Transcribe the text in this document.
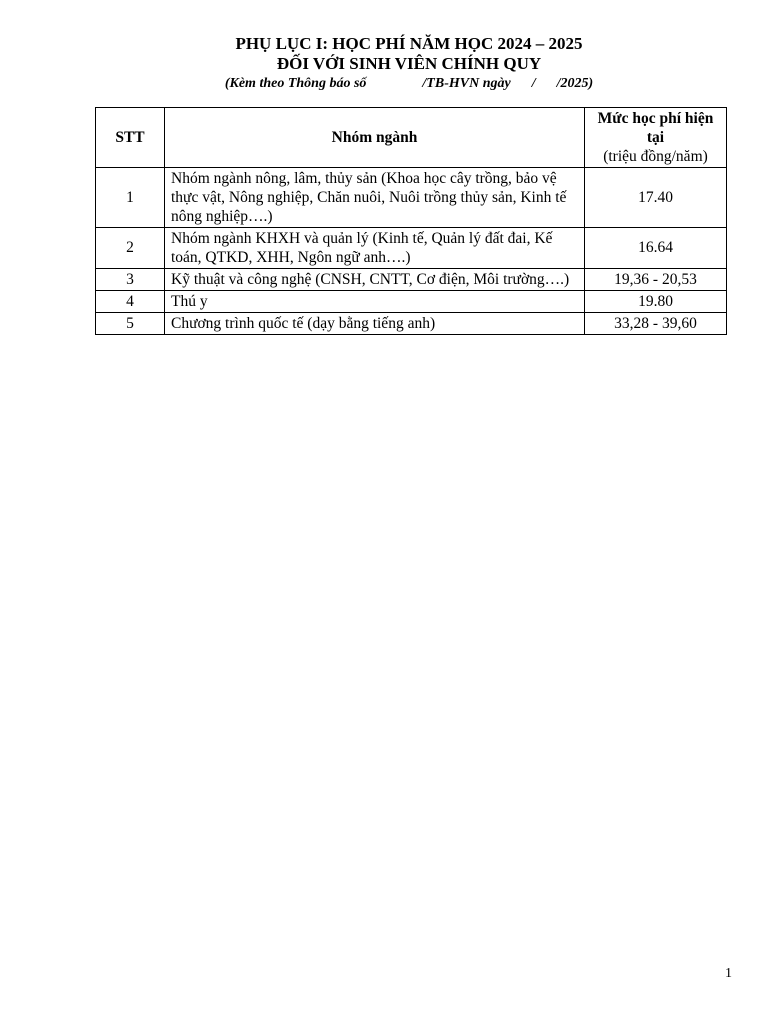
PHỤ LỤC I: HỌC PHÍ NĂM HỌC 2024 – 2025
ĐỐI VỚI SINH VIÊN CHÍNH QUY
(Kèm theo Thông báo số                /TB-HVN ngày      /      /2025)
STT	Nhóm ngành	Mức học phí hiện tại
(triệu đồng/năm)

1	Nhóm ngành nông, lâm, thủy sản (Khoa học cây trồng, bảo vệ thực vật, Nông nghiệp, Chăn nuôi, Nuôi trồng thủy sản, Kinh tế nông nghiệp….)	17.40
2	Nhóm ngành KHXH và quản lý (Kinh tế, Quản lý đất đai, Kế toán, QTKD, XHH, Ngôn ngữ anh….)	16.64
3	Kỹ thuật và công nghệ (CNSH, CNTT, Cơ điện, Môi trường….)	19,36 - 20,53
4	Thú y	19.80
5	Chương trình quốc tế (dạy bằng tiếng anh)	33,28 - 39,60
1
